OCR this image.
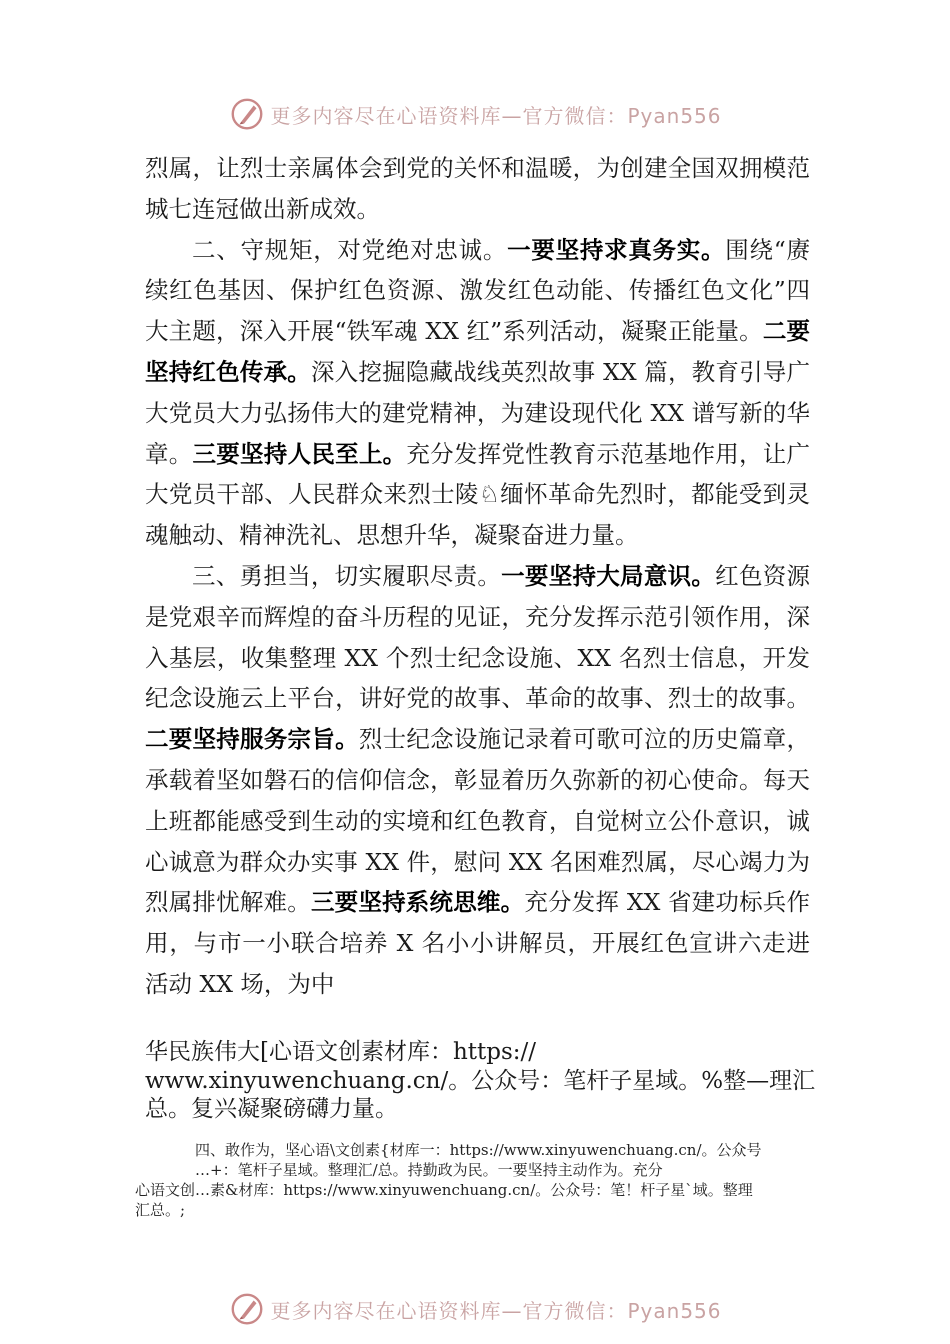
更多内容尽在心语资料库—官方微信：Pyan556

烈属，让烈士亲属体会到党的关怀和温暖，为创建全国双拥模范城七连冠做出新成效。

二、守规矩，对党绝对忠诚。一要坚持求真务实。围绕“赓续红色基因、保护红色资源、激发红色动能、传播红色文化”四大主题，深入开展“铁军魂 XX 红”系列活动，凝聚正能量。二要坚持红色传承。深入挖掘隐藏战线英烈故事 XX 篇，教育引导广大党员大力弘扬伟大的建党精神，为建设现代化 XX 谱写新的华章。三要坚持人民至上。充分发挥党性教育示范基地作用，让广大党员干部、人民群众来烈士陵♘缅怀革命先烈时，都能受到灵魂触动、精神洗礼、思想升华，凝聚奋进力量。

三、勇担当，切实履职尽责。一要坚持大局意识。红色资源是党艰辛而辉煌的奋斗历程的见证，充分发挥示范引领作用，深入基层，收集整理 XX 个烈士纪念设施、XX 名烈士信息，开发纪念设施云上平台，讲好党的故事、革命的故事、烈士的故事。二要坚持服务宗旨。烈士纪念设施记录着可歌可泣的历史篇章，承载着坚如磐石的信仰信念，彰显着历久弥新的初心使命。每天上班都能感受到生动的实境和红色教育，自觉树立公仆意识，诚心诚意为群众办实事 XX 件，慰问 XX 名困难烈属，尽心竭力为烈属排忧解难。三要坚持系统思维。充分发挥 XX 省建功标兵作用，与市一小联合培养 X 名小小讲解员，开展红色宣讲六走进活动 XX 场，为中

华民族伟大[心语文创素材库：https://

www.xinyuwenchuang.cn/。公众号：笔杆子星域。%整—理汇

总。复兴凝聚磅礴力量。

四、敢作为，坚心语\文创素{材库一：https://www.xinyuwenchuang.cn/。公众号

…+：笔杆子星域。整理汇/总。持勤政为民。一要坚持主动作为。充分

心语文创…素&材库：https://www.xinyuwenchuang.cn/。公众号：笔！杆子星`域。整理

汇总。;

更多内容尽在心语资料库—官方微信：Pyan556
